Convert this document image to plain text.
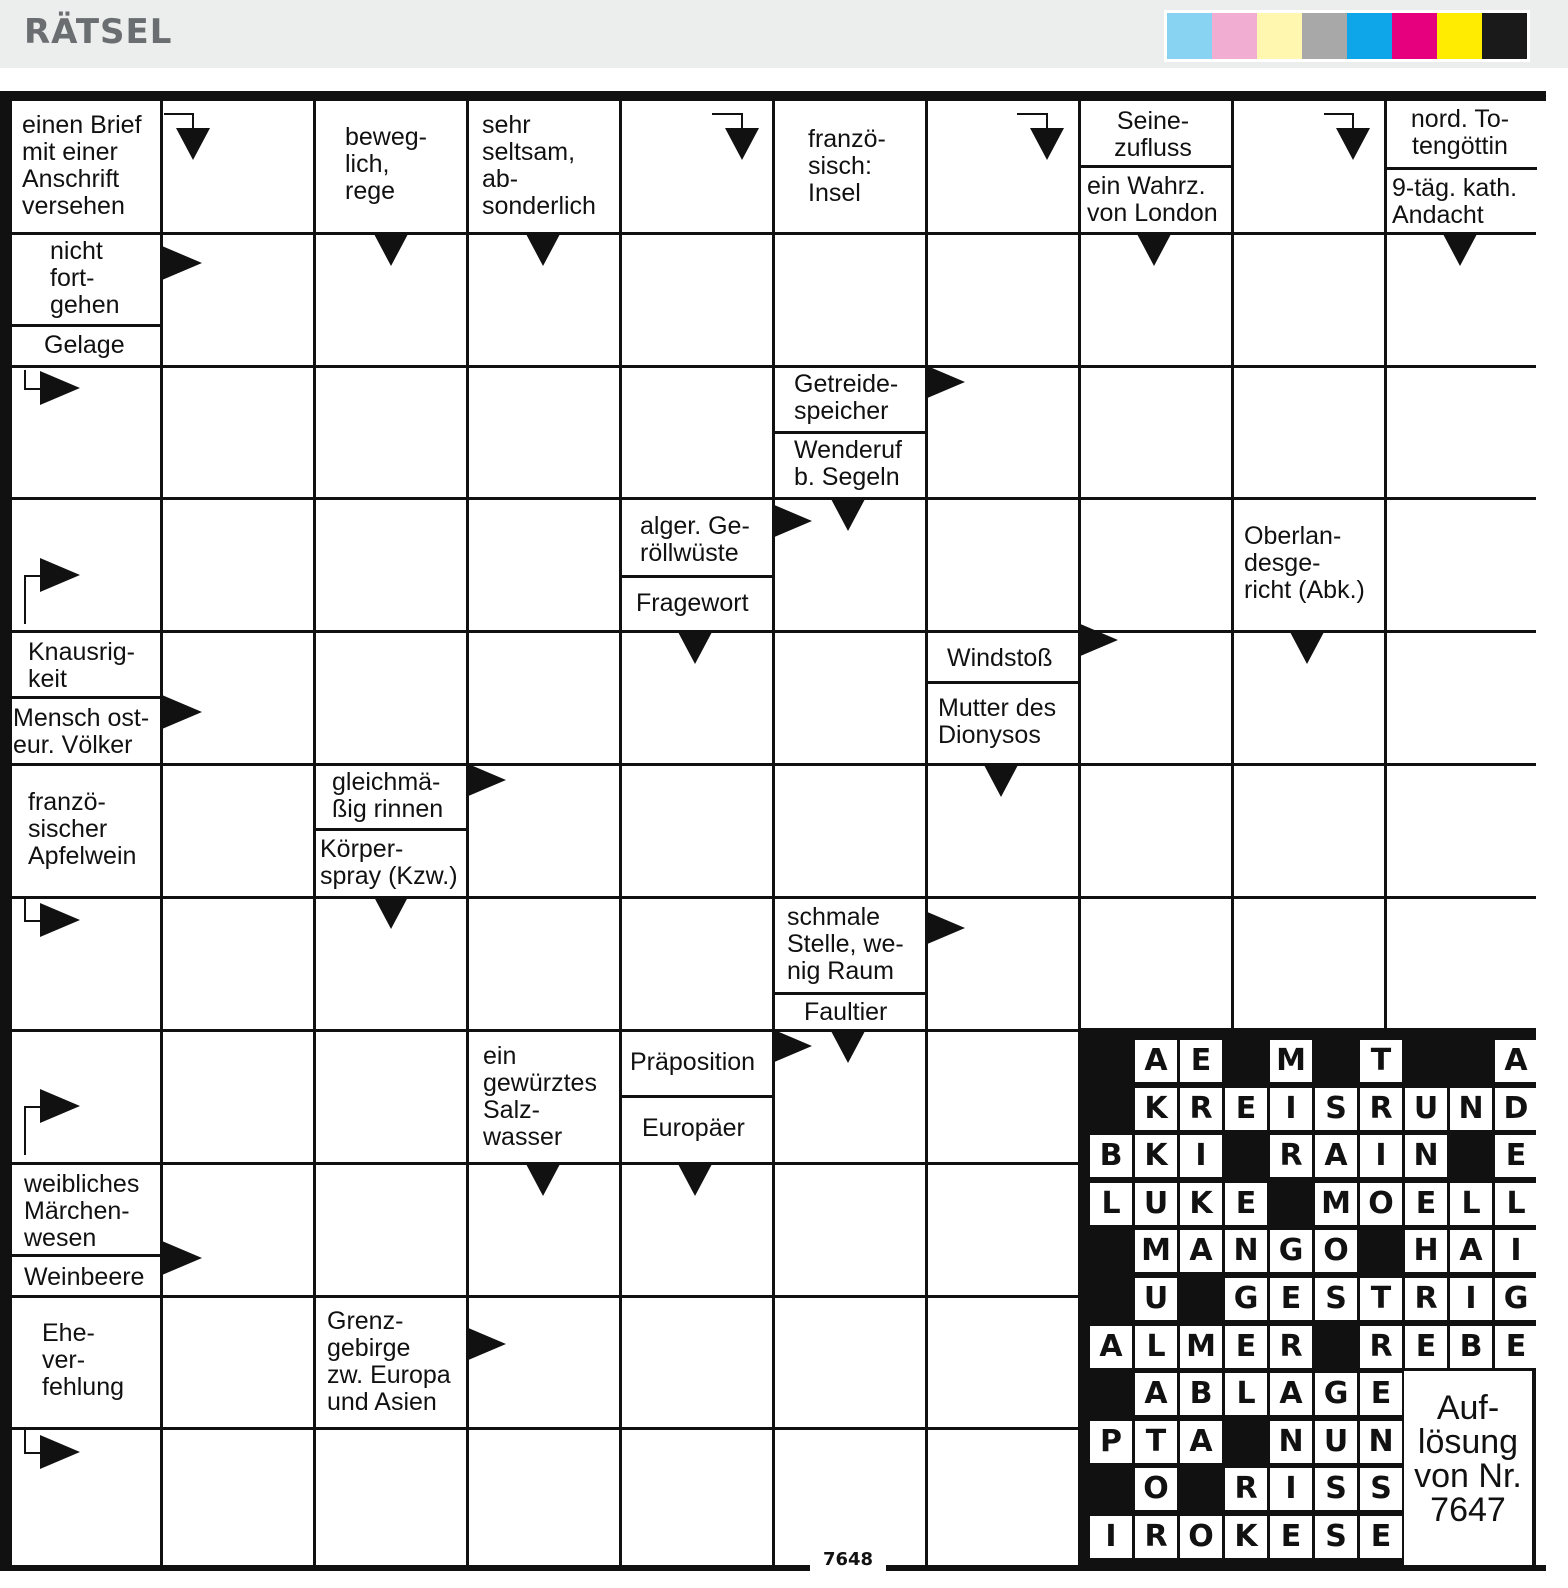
RÄTSEL
einen Brief
mit einer
Anschrift
versehen
beweg-
lich,
rege
sehr
seltsam,
ab-
sonderlich
franzö-
sisch:
Insel
Seine-
zufluss
ein Wahrz.
von London
nord. To-
tengöttin
9-täg. kath.
Andacht
nicht
fort-
gehen
Gelage
Getreide-
speicher
Wenderuf
b. Segeln
alger. Ge-
röllwüste
Fragewort
Oberlan-
desge-
richt (Abk.)
Knausrig-
keit
Mensch ost-
eur. Völker
Windstoß
Mutter des
Dionysos
franzö-
sischer
Apfelwein
gleichmä-
ßig rinnen
Körper-
spray (Kzw.)
schmale
Stelle, we-
nig Raum
Faultier
ein
gewürztes
Salz-
wasser
Präposition
Europäer
weibliches
Märchen-
wesen
Weinbeere
Ehe-
ver-
fehlung
Grenz-
gebirge
zw. Europa
und Asien
A E	M	T	A
K R E I S R U N D
B K I	R A I N	E
L U K E	M O E L L
M A N G O H A I
U G E S T R I G
A L M E R	R E B E
A B L A G E
P T A	N U N
O	R I S S
I R O K E S E
Auf-
lösung
von Nr.
7647
7648
